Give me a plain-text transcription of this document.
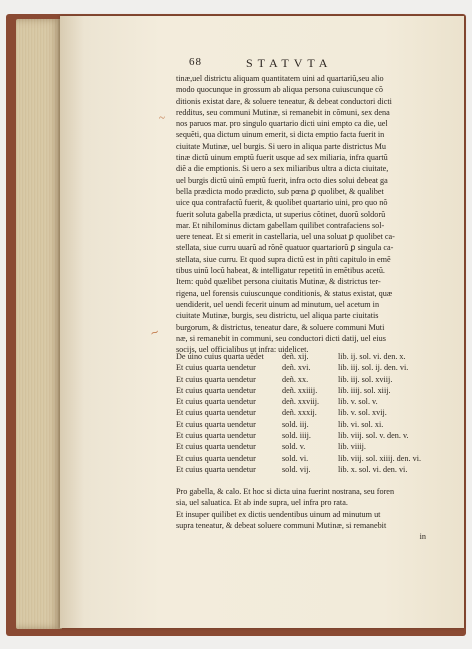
68	STATVTA
~
∼
tinæ,uel districtu aliquam quantitatem uini ad quartariũ,seu alio
modo quocunque in grossum ab aliqua persona cuiuscunque cõ
ditionis existat dare, & soluere teneatur, & debeat conductori dicti
redditus, seu communi Mutinæ, si remanebit in cõmuni, sex dena
nos paruos mar. pro singulo quartario dicti uini empto ca die, uel
sequẽti, qua dictum uinum emerit, si dicta emptio facta fuerit in
ciuitate Mutinæ, uel burgis. Si uero in aliqua parte districtus Mu
tinæ dictũ uinum emptũ fuerit usque ad sex miliaria, infra quartũ
diẽ a die emptionis. Si uero a sex miliaribus ultra a dicta ciuitate,
uel burgis dictũ uinũ emptũ fuerit, infra octo dies solui debeat ga
bella prædicta modo prædicto, sub pœna ꝑ quolibet, & qualibet
uice qua contrafactũ fuerit, & quolibet quartario uini, pro quo nõ
fuerit soluta gabella prædicta, ut superius cõtinet, duorũ soldorũ
mar. Et nihilominus dictam gabellam quilibet contrafaciens sol-
uere teneat. Et si emerit in castellaria, uel una soluat ꝑ quolibet ca-
stellata, siue curru uuarũ ad rõnẽ quatuor quartariorũ ꝑ singula ca-
stellata, siue curru. Et quod supra dictũ est in pñti capitulo in emẽ
tibus uinũ locũ habeat, & intelligatur repetitũ in emẽtibus acetũ.
Item: quòd quælibet persona ciuitatis Mutinæ, & districtus ter-
rigena, uel forensis cuiuscunque conditionis, & status existat, quæ
uendiderit, uel uendi fecerit uinum ad minutum, uel acetum in
ciuitate Mutinæ, burgis, seu districtu, uel aliqua parte ciuitatis
burgorum, & districtus, teneatur dare, & soluere communi Muti
næ, si remanebit in communi, seu conductori dicti datij, uel eius
socijs, uel officialibus ut infra: uidelicet.
De uino cuius quarta uẽdet	deñ. xij.	lib. ij. sol. vi. den. x.
Et cuius quarta uendetur	deñ. xvi.	lib. iij. sol. ij. den. vi.
Et cuius quarta uendetur	deñ. xx.	lib. iij. sol. xviij.
Et cuius quarta uendetur	deñ. xxiiij.	lib. iiij. sol. xiij.
Et cuius quarta uendetur	deñ. xxviij.	lib. v. sol. v.
Et cuius quarta uendetur	deñ. xxxij.	lib. v. sol. xvij.
Et cuius quarta uendetur	sold. iij.	lib. vi. sol. xi.
Et cuius quarta uendetur	sold. iiij.	lib. viij. sol. v. den. v.
Et cuius quarta uendetur	sold. v.	lib. viiij.
Et cuius quarta uendetur	sold. vi.	lib. viij. sol. xiiij. den. vi.
Et cuius quarta uendetur	sold. vij.	lib. x. sol. vi. den. vi.
Pro gabella, & calo. Et hoc si dicta uina fuerint nostrana, seu foren
sia, uel saluatica. Et ab inde supra, uel infra pro rata.
Et insuper quilibet ex dictis uendentibus uinum ad minutum ut
supra teneatur, & debeat soluere communi Mutinæ, si remanebit
in
